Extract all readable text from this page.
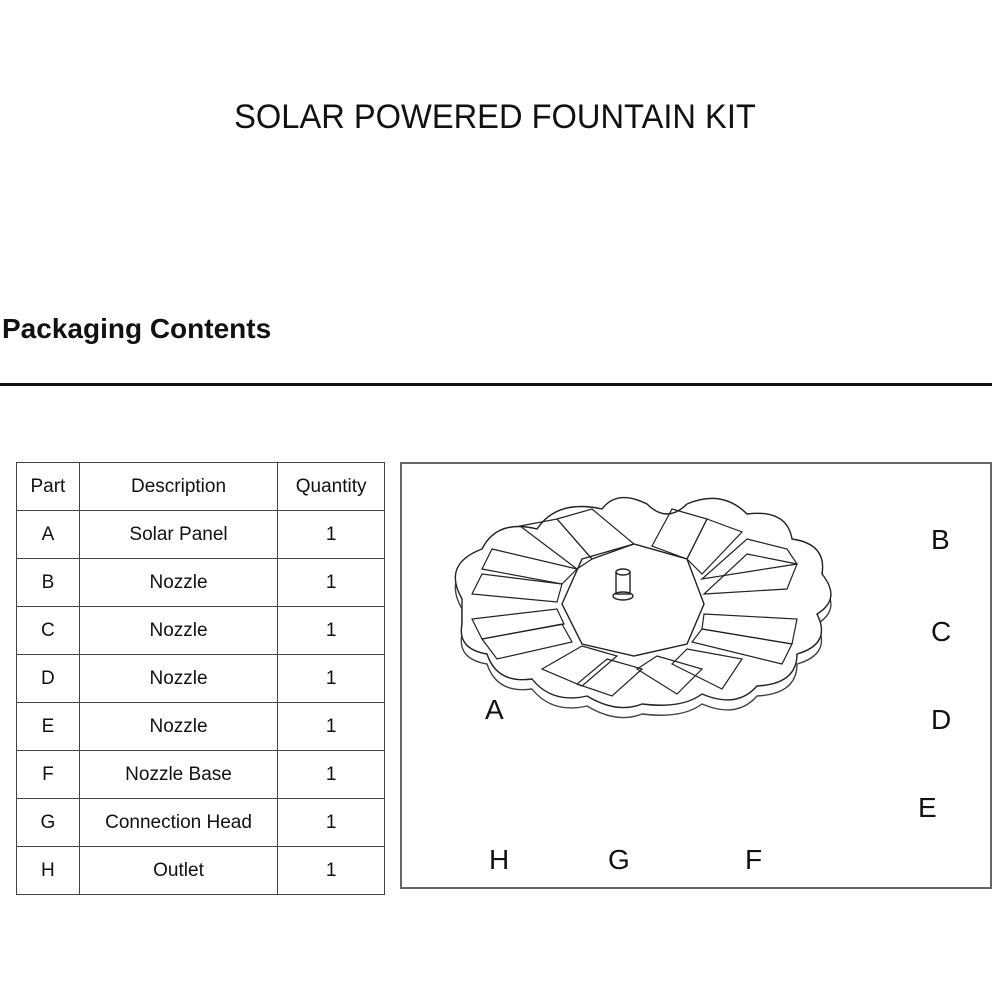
SOLAR POWERED FOUNTAIN KIT
Packaging Contents
Part	Description	Quantity
A	Solar Panel	1
B	Nozzle	1
C	Nozzle	1
D	Nozzle	1
E	Nozzle	1
F	Nozzle Base	1
G	Connection Head	1
H	Outlet	1
A
B
C
D
E
H	G	F
